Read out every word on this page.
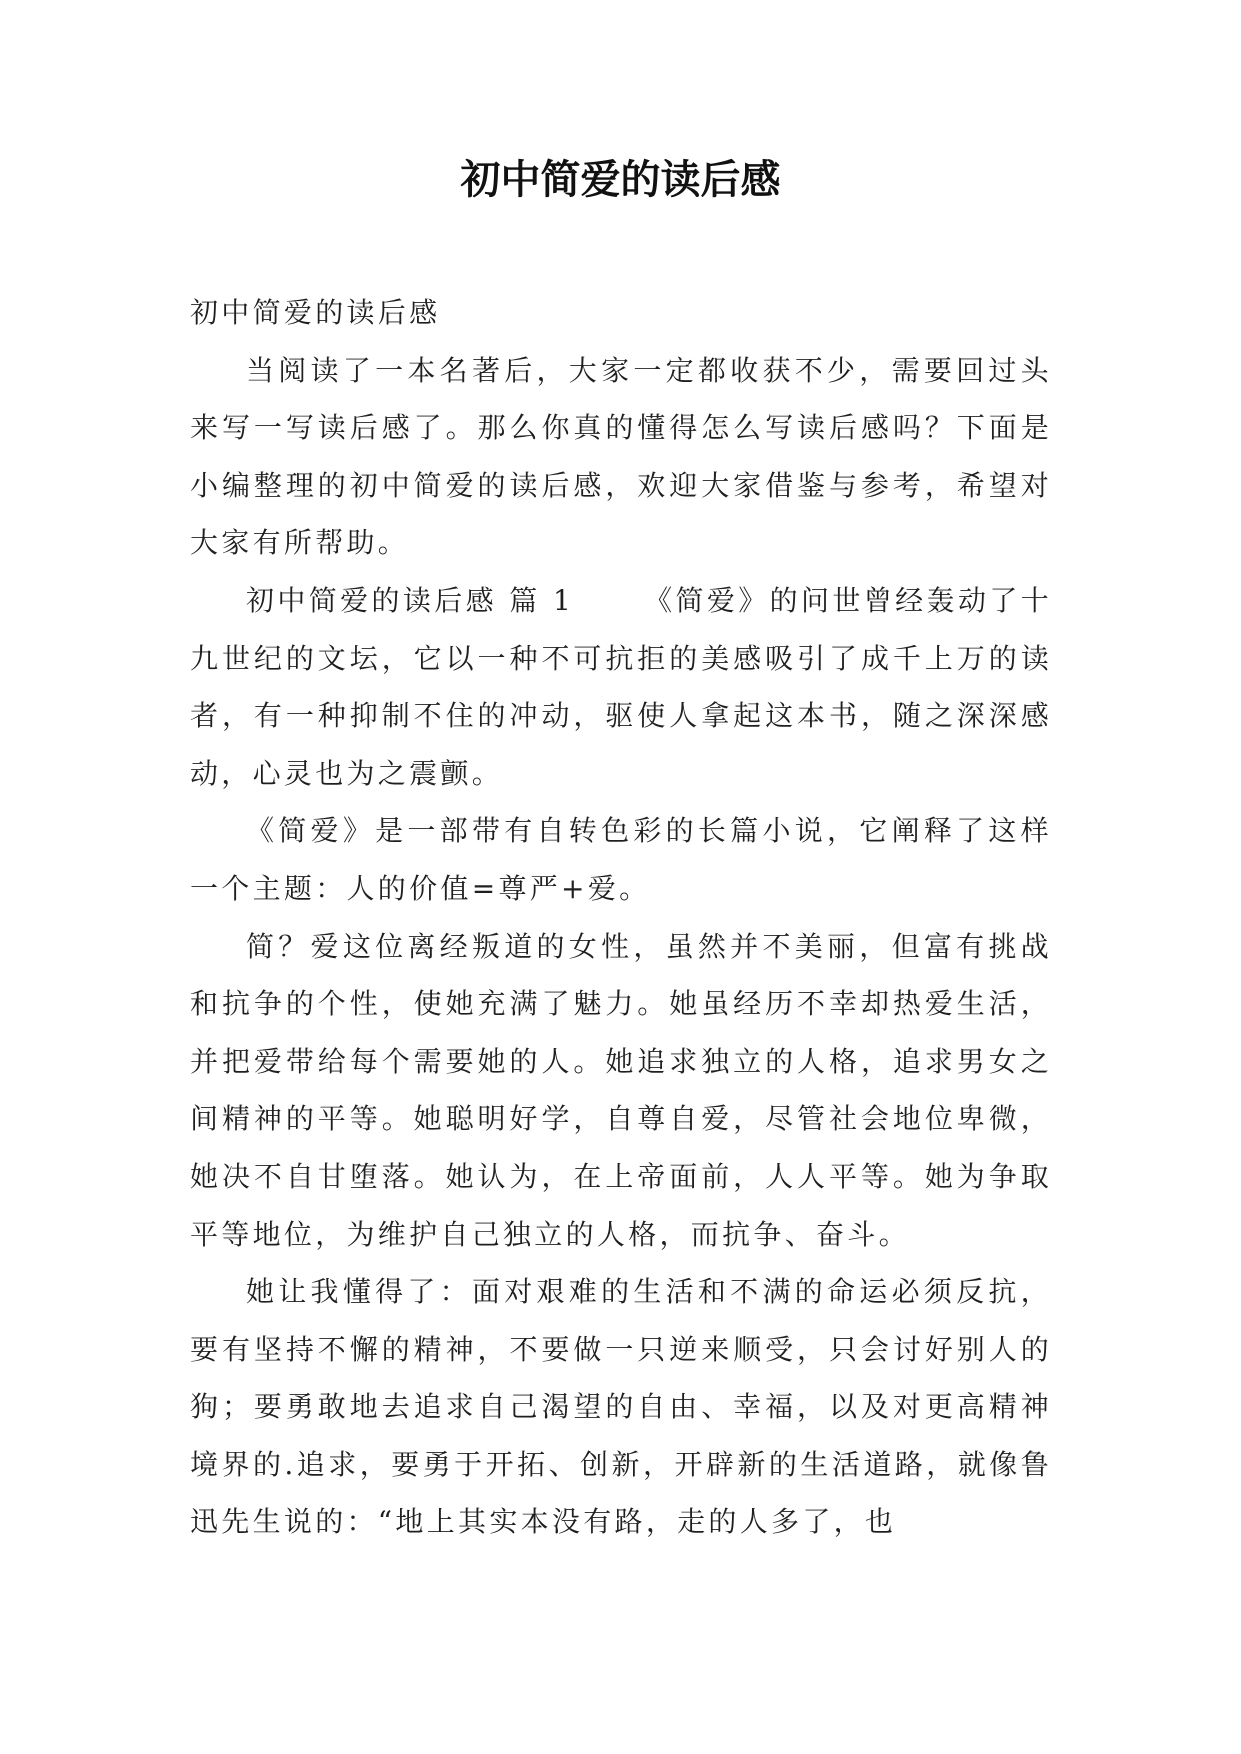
初中简爱的读后感

初中简爱的读后感

当阅读了一本名著后，大家一定都收获不少，需要回过头来写一写读后感了。那么你真的懂得怎么写读后感吗？下面是小编整理的初中简爱的读后感，欢迎大家借鉴与参考，希望对大家有所帮助。

初中简爱的读后感 篇 1	《简爱》的问世曾经轰动了十九世纪的文坛，它以一种不可抗拒的美感吸引了成千上万的读者，有一种抑制不住的冲动，驱使人拿起这本书，随之深深感动，心灵也为之震颤。

《简爱》是一部带有自转色彩的长篇小说，它阐释了这样一个主题：人的价值=尊严+爱。

简？爱这位离经叛道的女性，虽然并不美丽，但富有挑战和抗争的个性，使她充满了魅力。她虽经历不幸却热爱生活，并把爱带给每个需要她的人。她追求独立的人格，追求男女之间精神的平等。她聪明好学，自尊自爱，尽管社会地位卑微，她决不自甘堕落。她认为，在上帝面前，人人平等。她为争取平等地位，为维护自己独立的人格，而抗争、奋斗。

她让我懂得了：面对艰难的生活和不满的命运必须反抗，要有坚持不懈的精神，不要做一只逆来顺受，只会讨好别人的狗；要勇敢地去追求自己渴望的自由、幸福，以及对更高精神境界的.追求，要勇于开拓、创新，开辟新的生活道路，就像鲁迅先生说的：“地上其实本没有路，走的人多了，也
